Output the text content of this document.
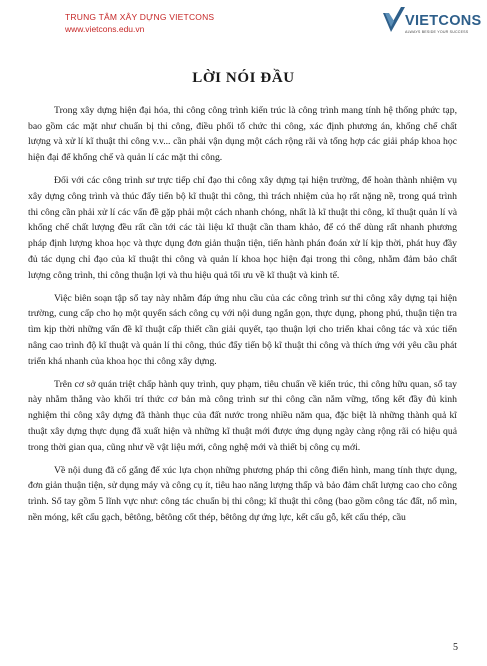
TRUNG TÂM XÂY DỰNG VIETCONS
www.vietcons.edu.vn	VIETCONS
ALWAYS BESIDE YOUR SUCCESS
LỜI NÓI ĐẦU

Trong xây dựng hiện đại hóa, thi công công trình kiến trúc là công trình mang tính hệ thống phức tạp, bao gồm các mặt như chuẩn bị thi công, điều phối tổ chức thi công, xác định phương án, khống chế chất lượng và xử lí kĩ thuật thi công v.v... cần phải vận dụng một cách rộng rãi và tổng hợp các giải pháp khoa học hiện đại để khống chế và quản lí các mặt thi công.

Đối với các công trình sư trực tiếp chỉ đạo thi công xây dựng tại hiện trường, để hoàn thành nhiệm vụ xây dựng công trình và thúc đẩy tiến bộ kĩ thuật thi công, thì trách nhiệm của họ rất nặng nề, trong quá trình thi công cần phải xử lí các vấn đề gặp phải một cách nhanh chóng, nhất là kĩ thuật thi công, kĩ thuật quản lí và khống chế chất lượng đều rất cần tới các tài liệu kĩ thuật cần tham khảo, để có thể dùng rất nhanh phương pháp định lượng khoa học và thực dụng đơn giản thuận tiện, tiến hành phán đoán xử lí kịp thời, phát huy đầy đủ tác dụng chỉ đạo của kĩ thuật thi công và quản lí khoa học hiện đại trong thi công, nhằm đảm bảo chất lượng công trình, thi công thuận lợi và thu hiệu quả tối ưu về kĩ thuật và kinh tế.

Việc biên soạn tập sổ tay này nhằm đáp ứng nhu cầu của các công trình sư thi công xây dựng tại hiện trường, cung cấp cho họ một quyển sách công cụ với nội dung ngắn gọn, thực dụng, phong phú, thuận tiện tra tìm kịp thời những vấn đề kĩ thuật cấp thiết cần giải quyết, tạo thuận lợi cho triển khai công tác và xúc tiến nâng cao trình độ kĩ thuật và quản lí thi công, thúc đẩy tiến bộ kĩ thuật thi công và thích ứng với yêu cầu phát triển khá nhanh của khoa học thi công xây dựng.

Trên cơ sở quán triệt chấp hành quy trình, quy phạm, tiêu chuẩn về kiến trúc, thi công hữu quan, sổ tay này nhằm thẳng vào khối trí thức cơ bản mà công trình sư thi công cần nắm vững, tổng kết đầy đủ kinh nghiệm thi công xây dựng đã thành thục của đất nước trong nhiều năm qua, đặc biệt là những thành quả kĩ thuật xây dựng thực dụng đã xuất hiện và những kĩ thuật mới được ứng dụng ngày càng rộng rãi có hiệu quả trong thời gian qua, cũng như về vật liệu mới, công nghệ mới và thiết bị công cụ mới.

Về nội dung đã cố gắng để xúc lựa chọn những phương pháp thi công điển hình, mang tính thực dụng, đơn giản thuận tiện, sử dụng máy và công cụ ít, tiêu hao năng lượng thấp và bảo đảm chất lượng cao cho công trình. Sổ tay gồm 5 lĩnh vực như: công tác chuẩn bị thi công; kĩ thuật thi công (bao gồm công tác đất, nổ mìn, nền móng, kết cấu gạch, bêtông, bêtông cốt thép, bêtông dự ứng lực, kết cấu gỗ, kết cấu thép, cầu

5
